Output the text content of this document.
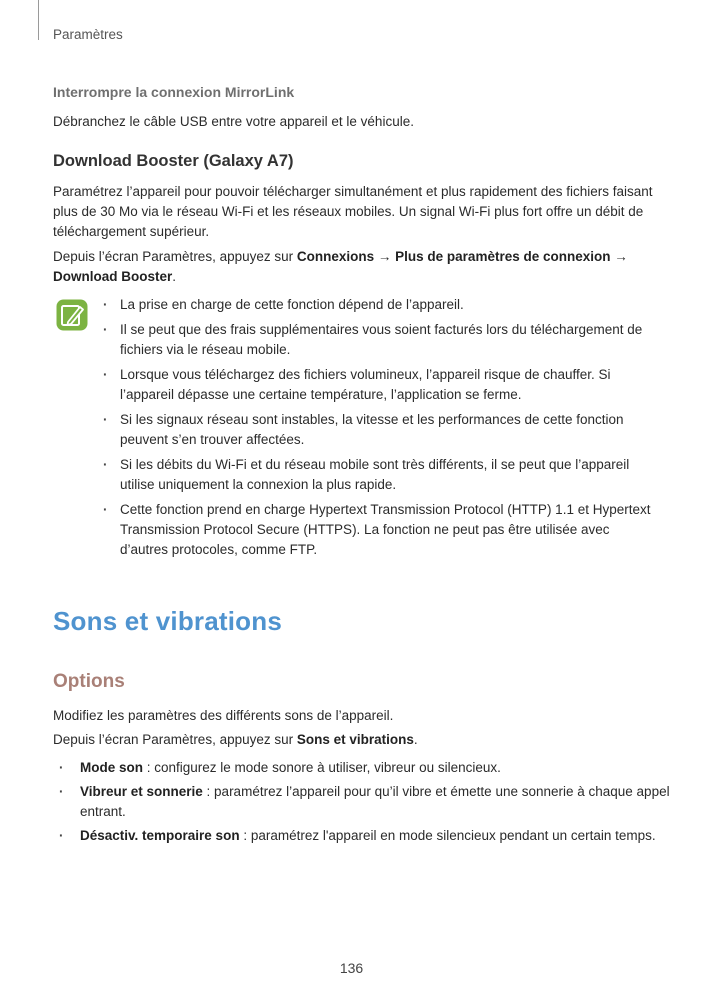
Paramètres
Interrompre la connexion MirrorLink
Débranchez le câble USB entre votre appareil et le véhicule.
Download Booster (Galaxy A7)
Paramétrez l’appareil pour pouvoir télécharger simultanément et plus rapidement des fichiers faisant plus de 30 Mo via le réseau Wi-Fi et les réseaux mobiles. Un signal Wi-Fi plus fort offre un débit de téléchargement supérieur.
Depuis l’écran Paramètres, appuyez sur Connexions → Plus de paramètres de connexion → Download Booster.
· La prise en charge de cette fonction dépend de l’appareil.
· Il se peut que des frais supplémentaires vous soient facturés lors du téléchargement de fichiers via le réseau mobile.
· Lorsque vous téléchargez des fichiers volumineux, l’appareil risque de chauffer. Si l’appareil dépasse une certaine température, l’application se ferme.
· Si les signaux réseau sont instables, la vitesse et les performances de cette fonction peuvent s’en trouver affectées.
· Si les débits du Wi-Fi et du réseau mobile sont très différents, il se peut que l’appareil utilise uniquement la connexion la plus rapide.
· Cette fonction prend en charge Hypertext Transmission Protocol (HTTP) 1.1 et Hypertext Transmission Protocol Secure (HTTPS). La fonction ne peut pas être utilisée avec d’autres protocoles, comme FTP.
Sons et vibrations
Options
Modifiez les paramètres des différents sons de l’appareil.
Depuis l’écran Paramètres, appuyez sur Sons et vibrations.
· Mode son : configurez le mode sonore à utiliser, vibreur ou silencieux.
· Vibreur et sonnerie : paramétrez l’appareil pour qu’il vibre et émette une sonnerie à chaque appel entrant.
· Désactiv. temporaire son : paramétrez l'appareil en mode silencieux pendant un certain temps.
136
